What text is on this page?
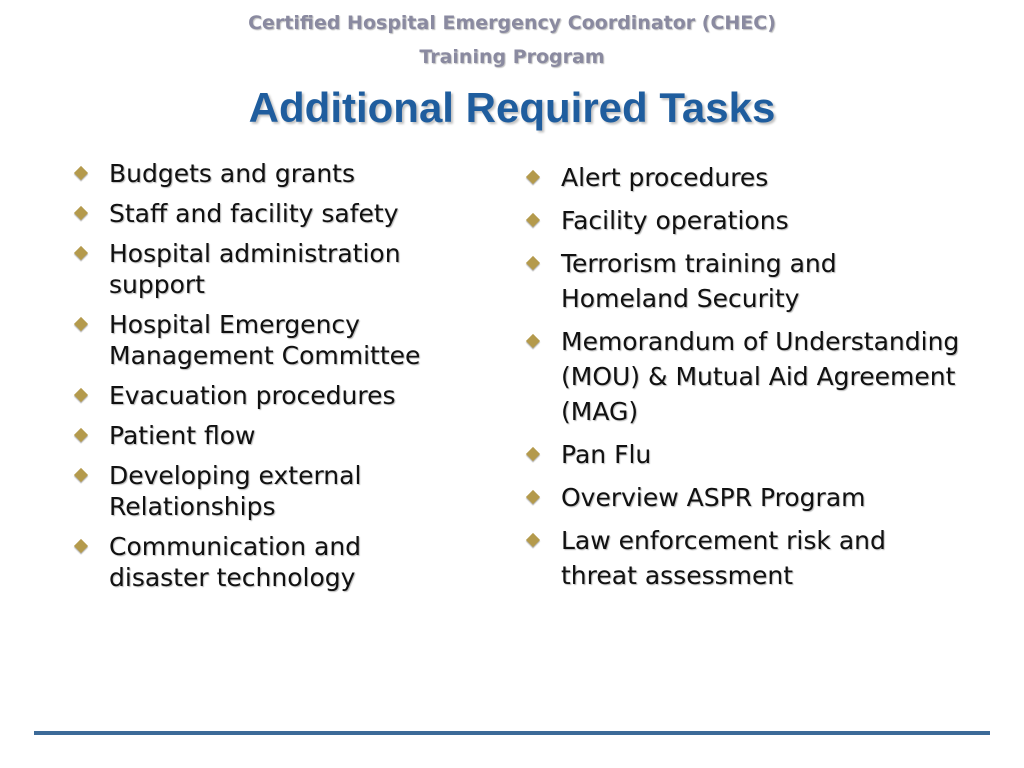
Certified Hospital Emergency Coordinator (CHEC)
Training Program
Additional Required Tasks
Budgets and grants
Staff and facility safety
Hospital administration support
Hospital Emergency Management Committee
Evacuation procedures
Patient flow
Developing external Relationships
Communication and disaster technology
Alert procedures
Facility operations
Terrorism training and Homeland Security
Memorandum of Understanding (MOU) & Mutual Aid Agreement (MAG)
Pan Flu
Overview ASPR Program
Law enforcement risk and threat assessment
